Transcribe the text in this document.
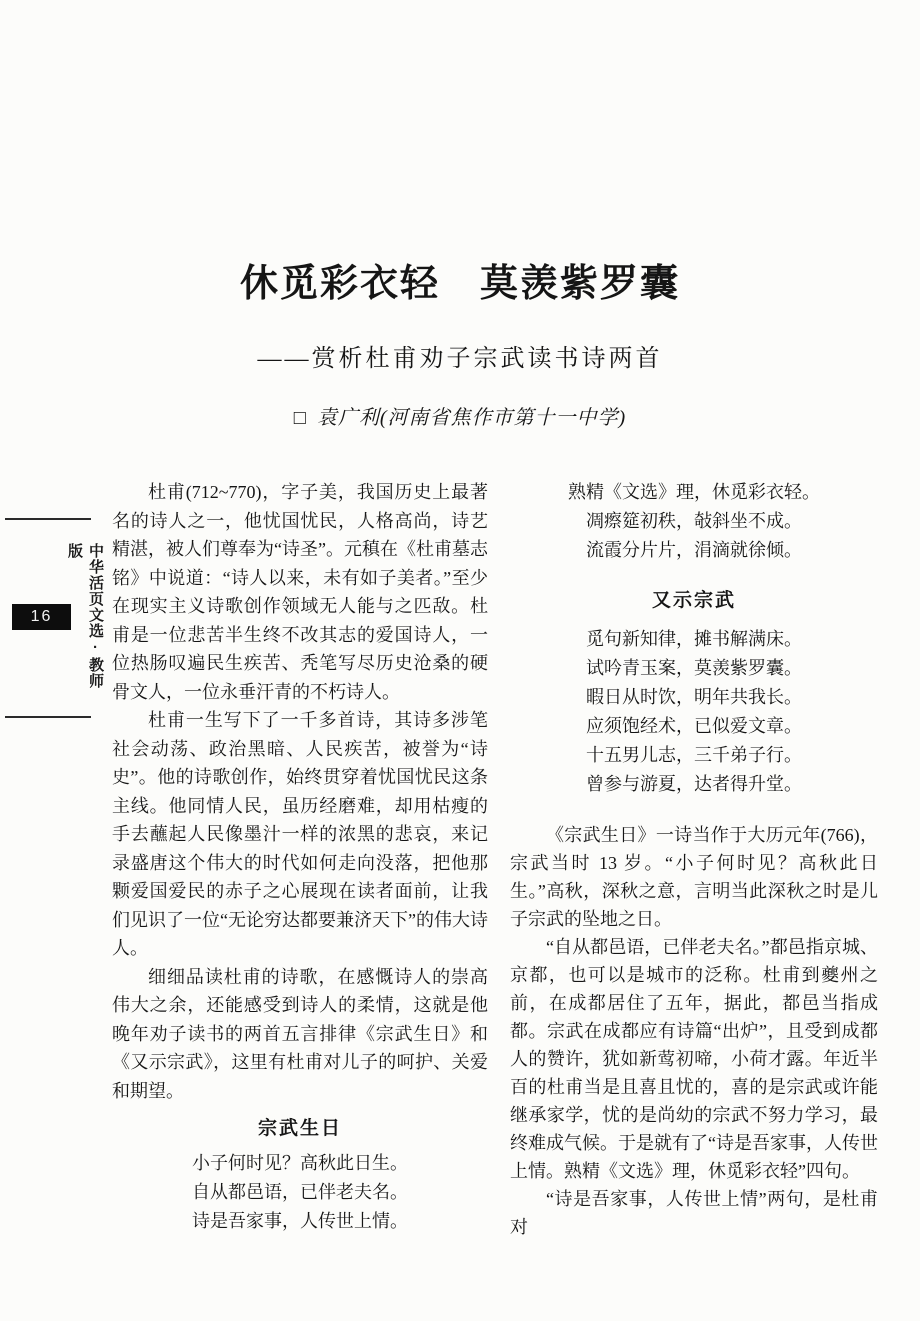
中华活页文选·教师版
16
休觅彩衣轻　莫羡紫罗囊
——赏析杜甫劝子宗武读书诗两首
□ 袁广利(河南省焦作市第十一中学)

杜甫(712~770)，字子美，我国历史上最著名的诗人之一，他忧国忧民，人格高尚，诗艺精湛，被人们尊奉为“诗圣”。元稹在《杜甫墓志铭》中说道：“诗人以来，未有如子美者。”至少在现实主义诗歌创作领域无人能与之匹敌。杜甫是一位悲苦半生终不改其志的爱国诗人，一位热肠叹遍民生疾苦、秃笔写尽历史沧桑的硬骨文人，一位永垂汗青的不朽诗人。

杜甫一生写下了一千多首诗，其诗多涉笔社会动荡、政治黑暗、人民疾苦，被誉为“诗史”。他的诗歌创作，始终贯穿着忧国忧民这条主线。他同情人民，虽历经磨难，却用枯瘦的手去蘸起人民像墨汁一样的浓黑的悲哀，来记录盛唐这个伟大的时代如何走向没落，把他那颗爱国爱民的赤子之心展现在读者面前，让我们见识了一位“无论穷达都要兼济天下”的伟大诗人。

细细品读杜甫的诗歌，在感慨诗人的崇高伟大之余，还能感受到诗人的柔情，这就是他晚年劝子读书的两首五言排律《宗武生日》和《又示宗武》，这里有杜甫对儿子的呵护、关爱和期望。

宗武生日
小子何时见？高秋此日生。
自从都邑语，已伴老夫名。
诗是吾家事，人传世上情。
熟精《文选》理，休觅彩衣轻。
凋瘵筵初秩，敧斜坐不成。
流霞分片片，涓滴就徐倾。
又示宗武
觅句新知律，摊书解满床。
试吟青玉案，莫羡紫罗囊。
暇日从时饮，明年共我长。
应须饱经术，已似爱文章。
十五男儿志，三千弟子行。
曾参与游夏，达者得升堂。

《宗武生日》一诗当作于大历元年(766)，宗武当时 13 岁。“小子何时见？高秋此日生。”高秋，深秋之意，言明当此深秋之时是儿子宗武的坠地之日。

“自从都邑语，已伴老夫名。”都邑指京城、京都，也可以是城市的泛称。杜甫到夔州之前，在成都居住了五年，据此，都邑当指成都。宗武在成都应有诗篇“出炉”，且受到成都人的赞许，犹如新莺初啼，小荷才露。年近半百的杜甫当是且喜且忧的，喜的是宗武或许能继承家学，忧的是尚幼的宗武不努力学习，最终难成气候。于是就有了“诗是吾家事，人传世上情。熟精《文选》理，休觅彩衣轻”四句。

“诗是吾家事，人传世上情”两句，是杜甫对
